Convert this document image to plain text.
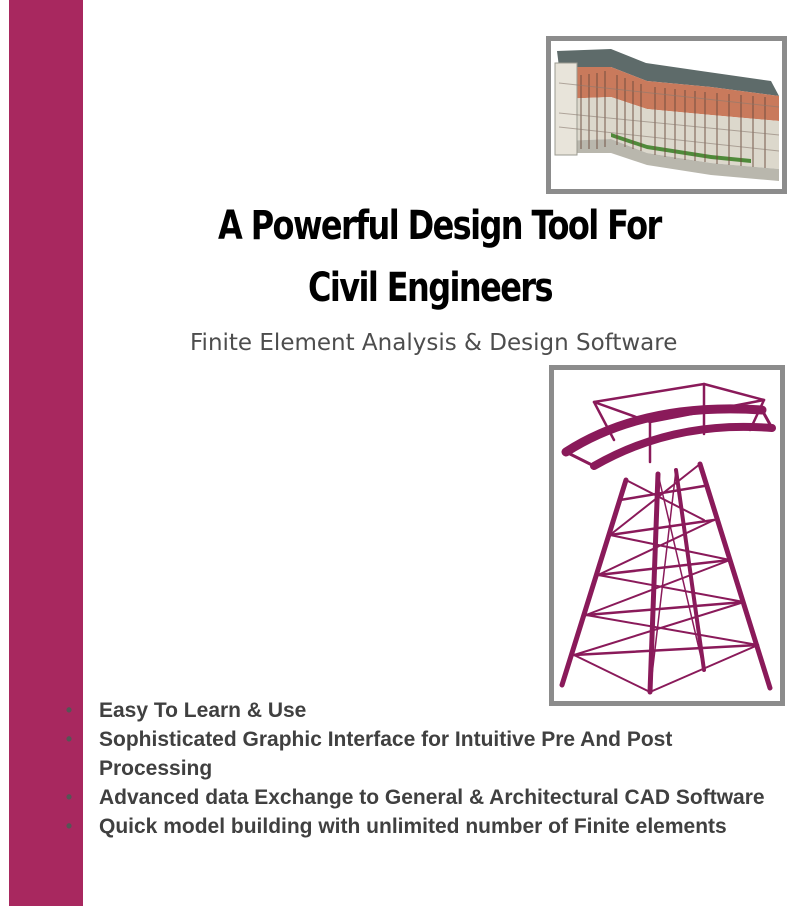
A Powerful Design Tool For
Civil Engineers

Finite Element Analysis & Design Software

• Easy To Learn & Use
• Sophisticated Graphic Interface for Intuitive Pre And Post Processing
• Advanced data Exchange to General & Architectural CAD Software
• Quick model building with unlimited number of Finite elements
